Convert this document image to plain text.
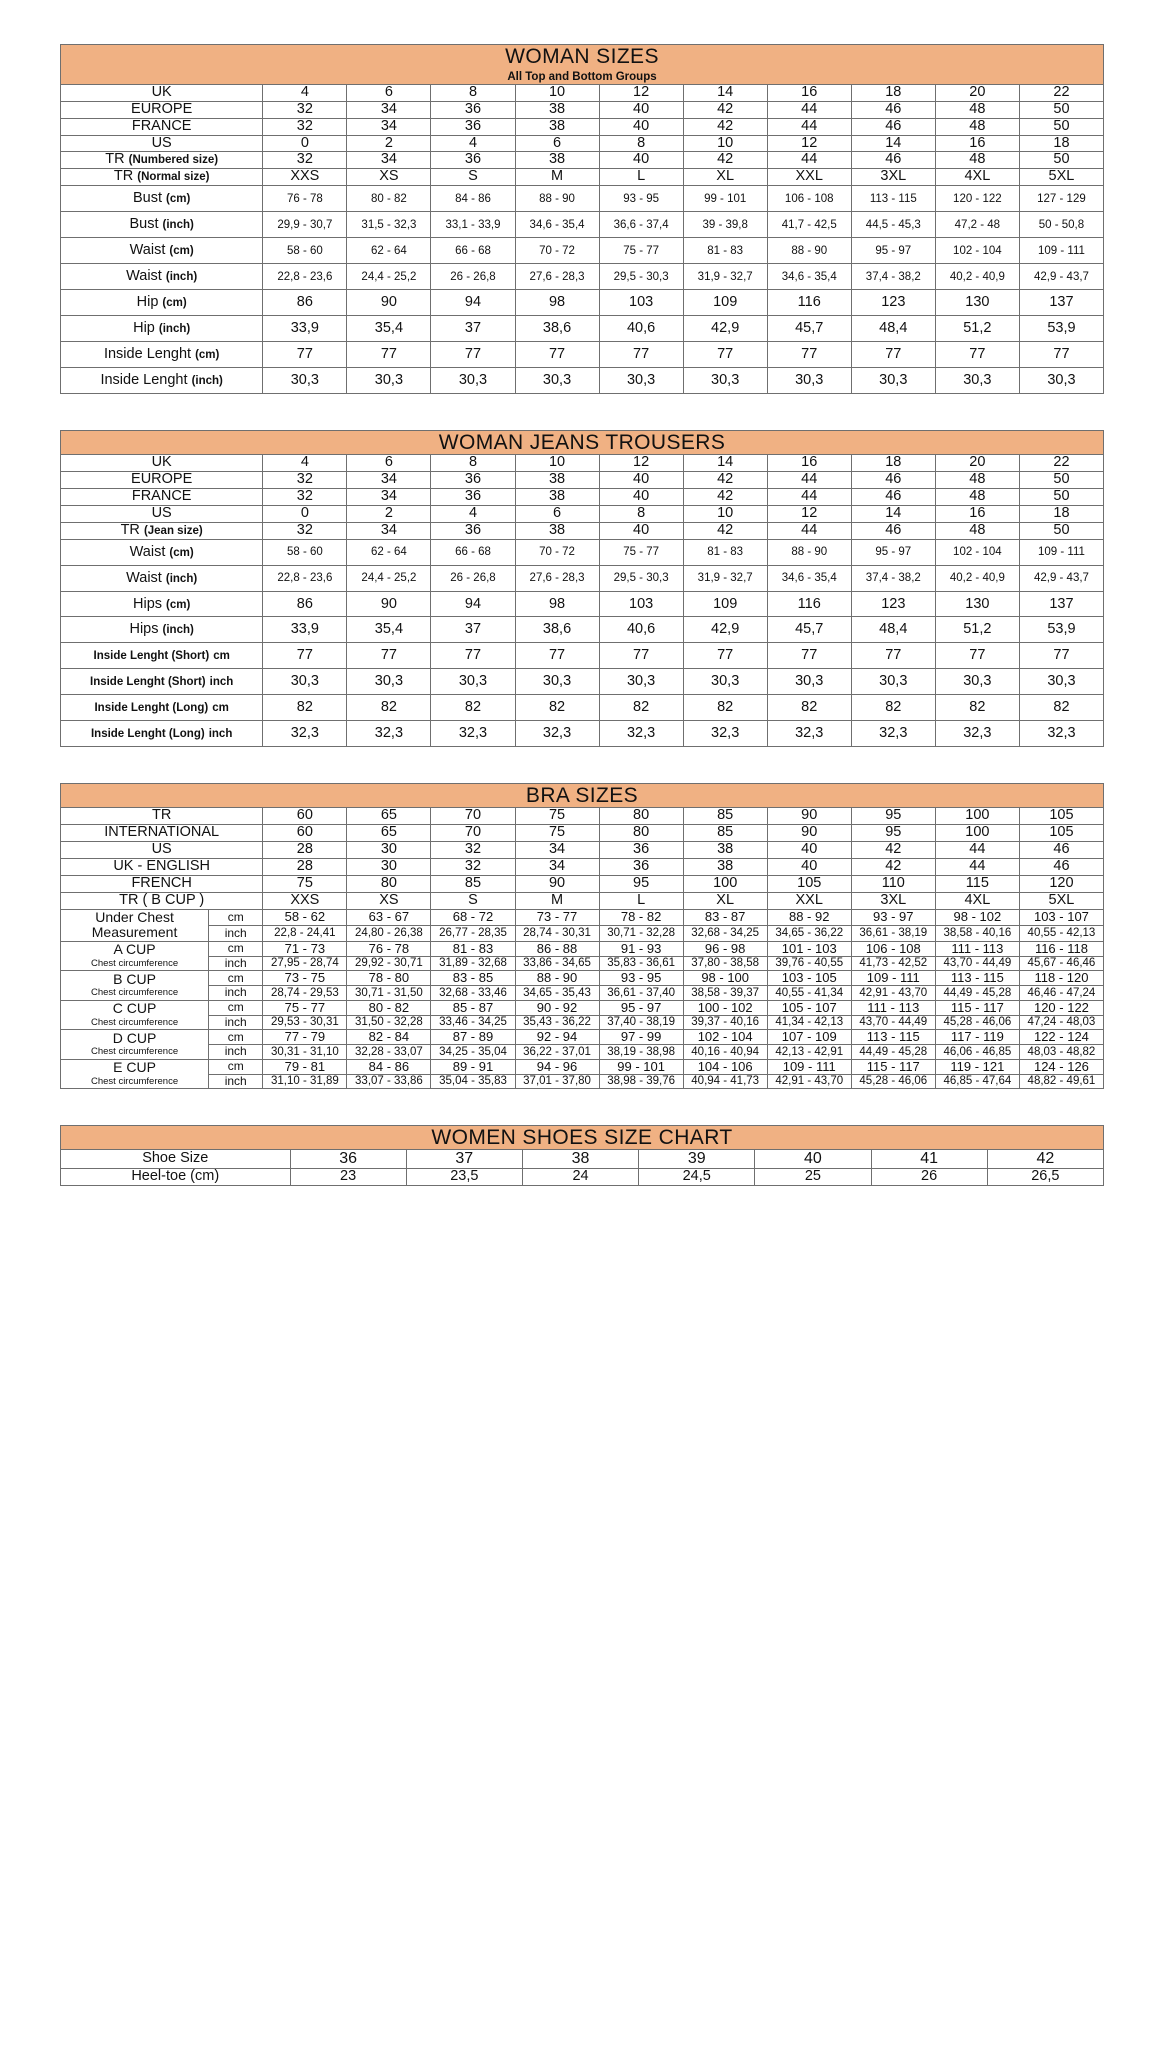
WOMAN SIZES
All Top and Bottom Groups										

UK	4	6	8	10	12	14	16	18	20	22
EUROPE	32	34	36	38	40	42	44	46	48	50
FRANCE	32	34	36	38	40	42	44	46	48	50
US	0	2	4	6	8	10	12	14	16	18
TR (Numbered size)	32	34	36	38	40	42	44	46	48	50
TR (Normal size)	XXS	XS	S	M	L	XL	XXL	3XL	4XL	5XL
Bust (cm)	76 - 78	80 - 82	84 - 86	88 - 90	93 - 95	99 - 101	106 - 108	113 - 115	120 - 122	127 - 129
Bust (inch)	29,9 - 30,7	31,5 - 32,3	33,1 - 33,9	34,6 - 35,4	36,6 - 37,4	39 - 39,8	41,7 - 42,5	44,5 - 45,3	47,2 - 48	50 - 50,8
Waist (cm)	58 - 60	62 - 64	66 - 68	70 - 72	75 - 77	81 - 83	88 - 90	95 - 97	102 - 104	109 - 111
Waist (inch)	22,8 - 23,6	24,4 - 25,2	26 - 26,8	27,6 - 28,3	29,5 - 30,3	31,9 - 32,7	34,6 - 35,4	37,4 - 38,2	40,2 - 40,9	42,9 - 43,7
Hip (cm)	86	90	94	98	103	109	116	123	130	137
Hip (inch)	33,9	35,4	37	38,6	40,6	42,9	45,7	48,4	51,2	53,9
Inside Lenght (cm)	77	77	77	77	77	77	77	77	77	77
Inside Lenght (inch)	30,3	30,3	30,3	30,3	30,3	30,3	30,3	30,3	30,3	30,3
WOMAN JEANS TROUSERS										
UK	4	6	8	10	12	14	16	18	20	22
EUROPE	32	34	36	38	40	42	44	46	48	50
FRANCE	32	34	36	38	40	42	44	46	48	50
US	0	2	4	6	8	10	12	14	16	18
TR (Jean size)	32	34	36	38	40	42	44	46	48	50
Waist (cm)	58 - 60	62 - 64	66 - 68	70 - 72	75 - 77	81 - 83	88 - 90	95 - 97	102 - 104	109 - 111
Waist (inch)	22,8 - 23,6	24,4 - 25,2	26 - 26,8	27,6 - 28,3	29,5 - 30,3	31,9 - 32,7	34,6 - 35,4	37,4 - 38,2	40,2 - 40,9	42,9 - 43,7
Hips (cm)	86	90	94	98	103	109	116	123	130	137
Hips (inch)	33,9	35,4	37	38,6	40,6	42,9	45,7	48,4	51,2	53,9
Inside Lenght (Short) cm	77	77	77	77	77	77	77	77	77	77
Inside Lenght (Short) inch	30,3	30,3	30,3	30,3	30,3	30,3	30,3	30,3	30,3	30,3
Inside Lenght (Long) cm	82	82	82	82	82	82	82	82	82	82
Inside Lenght (Long) inch	32,3	32,3	32,3	32,3	32,3	32,3	32,3	32,3	32,3	32,3
BRA SIZES											
TR		60	65	70	75	80	85	90	95	100	105
INTERNATIONAL		60	65	70	75	80	85	90	95	100	105
US		28	30	32	34	36	38	40	42	44	46
UK - ENGLISH		28	30	32	34	36	38	40	42	44	46
FRENCH		75	80	85	90	95	100	105	110	115	120
TR ( B CUP )		XXS	XS	S	M	L	XL	XXL	3XL	4XL	5XL
Under Chest
Measurement	cm	58 - 62	63 - 67	68 - 72	73 - 77	78 - 82	83 - 87	88 - 92	93 - 97	98 - 102	103 - 107
	inch	22,8 - 24,41	24,80 - 26,38	26,77 - 28,35	28,74 - 30,31	30,71 - 32,28	32,68 - 34,25	34,65 - 36,22	36,61 - 38,19	38,58 - 40,16	40,55 - 42,13
A CUP
Chest circumference	cm	71 - 73	76 - 78	81 - 83	86 - 88	91 - 93	96 - 98	101 - 103	106 - 108	111 - 113	116 - 118
	inch	27,95 - 28,74	29,92 - 30,71	31,89 - 32,68	33,86 - 34,65	35,83 - 36,61	37,80 - 38,58	39,76 - 40,55	41,73 - 42,52	43,70 - 44,49	45,67 - 46,46
B CUP
Chest circumference	cm	73 - 75	78 - 80	83 - 85	88 - 90	93 - 95	98 - 100	103 - 105	109 - 111	113 - 115	118 - 120
	inch	28,74 - 29,53	30,71 - 31,50	32,68 - 33,46	34,65 - 35,43	36,61 - 37,40	38,58 - 39,37	40,55 - 41,34	42,91 - 43,70	44,49 - 45,28	46,46 - 47,24
C CUP
Chest circumference	cm	75 - 77	80 - 82	85 - 87	90 - 92	95 - 97	100 - 102	105 - 107	111 - 113	115 - 117	120 - 122
	inch	29,53 - 30,31	31,50 - 32,28	33,46 - 34,25	35,43 - 36,22	37,40 - 38,19	39,37 - 40,16	41,34 - 42,13	43,70 - 44,49	45,28 - 46,06	47,24 - 48,03
D CUP
Chest circumference	cm	77 - 79	82 - 84	87 - 89	92 - 94	97 - 99	102 - 104	107 - 109	113 - 115	117 - 119	122 - 124
	inch	30,31 - 31,10	32,28 - 33,07	34,25 - 35,04	36,22 - 37,01	38,19 - 38,98	40,16 - 40,94	42,13 - 42,91	44,49 - 45,28	46,06 - 46,85	48,03 - 48,82
E CUP
Chest circumference	cm	79 - 81	84 - 86	89 - 91	94 - 96	99 - 101	104 - 106	109 - 111	115 - 117	119 - 121	124 - 126
	inch	31,10 - 31,89	33,07 - 33,86	35,04 - 35,83	37,01 - 37,80	38,98 - 39,76	40,94 - 41,73	42,91 - 43,70	45,28 - 46,06	46,85 - 47,64	48,82 - 49,61
WOMEN SHOES SIZE CHART							
Shoe Size	36	37	38	39	40	41	42
Heel-toe (cm)	23	23,5	24	24,5	25	26	26,5
